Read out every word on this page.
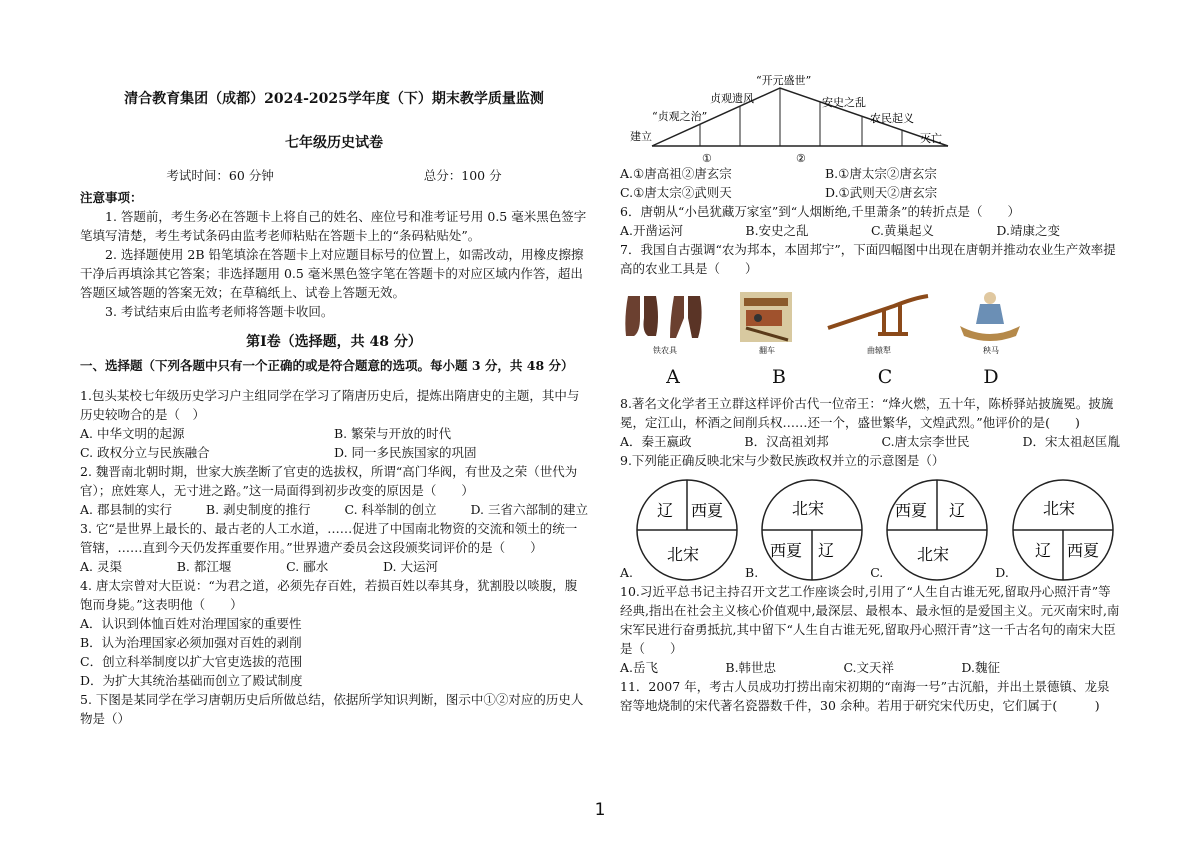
清合教育集团（成都）2024-2025学年度（下）期末教学质量监测
七年级历史试卷
考试时间：60 分钟	总分：100 分
注意事项：
1. 答题前，考生务必在答题卡上将自己的姓名、座位号和准考证号用 0.5 毫米黑色签字笔填写清楚，考生考试条码由监考老师粘贴在答题卡上的“条码粘贴处”。
2. 选择题使用 2B 铅笔填涂在答题卡上对应题目标号的位置上，如需改动，用橡皮擦擦干净后再填涂其它答案；非选择题用 0.5 毫米黑色签字笔在答题卡的对应区域内作答，超出答题区域答题的答案无效；在草稿纸上、试卷上答题无效。
3. 考试结束后由监考老师将答题卡收回。
第Ⅰ卷（选择题，共 48 分）
一、选择题（下列各题中只有一个正确的或是符合题意的选项。每小题 3 分，共 48 分）
1.包头某校七年级历史学习户主组同学在学习了隋唐历史后，提炼出隋唐史的主题，其中与历史较吻合的是（　）
A. 中华文明的起源	B. 繁荣与开放的时代
C. 政权分立与民族融合	D. 同一多民族国家的巩固
2. 魏晋南北朝时期，世家大族垄断了官吏的选拔权，所谓“高门华阀，有世及之荣（世代为官）；庶姓寒人，无寸进之路。”这一局面得到初步改变的原因是（　　）
A. 郡县制的实行	B. 剥史制度的推行	C. 科举制的创立	D. 三省六部制的建立
3. 它“是世界上最长的、最古老的人工水道，……促进了中国南北物资的交流和领土的统一管辖，……直到今天仍发挥重要作用。”世界遗产委员会这段颁奖词评价的是（　　）
A. 灵渠	B. 都江堰	C. 郦水	D. 大运河
4. 唐太宗曾对大臣说：“为君之道，必须先存百姓，若损百姓以奉其身，犹割股以啖腹，腹饱而身毙。”这表明他（　　）
A．认识到体恤百姓对治理国家的重要性
B．认为治理国家必须加强对百姓的剥削
C．创立科举制度以扩大官吏选拔的范围
D．为扩大其统治基础而创立了殿试制度
5. 下图是某同学在学习唐朝历史后所做总结，依据所学知识判断，图示中①②对应的历史人物是（）
“开元盛世”
贞观遗风
“贞观之治”
建立
安史之乱
农民起义
灭亡
①	②
A.①唐高祖②唐玄宗	B.①唐太宗②唐玄宗
C.①唐太宗②武则天	D.①武则天②唐玄宗
6．唐朝从“小邑犹藏万家室”到“人烟断绝,千里萧条”的转折点是（　　）
A.开凿运河	B.安史之乱	C.黄巢起义	D.靖康之变
7．我国自古强调“农为邦本，本固邦宁”，下面四幅图中出现在唐朝并推动农业生产效率提高的农业工具是（　　）
铁农具	翻车	曲辕犁	秧马
A	B	C	D
8.著名文化学者王立群这样评价古代一位帝王：“烽火燃，五十年，陈桥驿站披旒冕。披旒冕，定江山，杯酒之间削兵权……还一个，盛世繁华，文煌武烈。”他评价的是(　　)
A．秦王嬴政	B．汉高祖刘邦	C.唐太宗李世民	D．宋太祖赵匡胤
9.下列能正确反映北宋与少数民族政权并立的示意图是（）
A.
辽 西夏
北宋
B.
北宋
西夏 辽
C.
西夏 辽
北宋
D.
北宋
辽 西夏
10.习近平总书记主持召开文艺工作座谈会时,引用了“人生自古谁无死,留取丹心照汗青”等经典,指出在社会主义核心价值观中,最深层、最根本、最永恒的是爱国主义。元灭南宋时,南宋军民进行奋勇抵抗,其中留下“人生自古谁无死,留取丹心照汗青”这一千古名句的南宋大臣是（　　）
A.岳飞	B.韩世忠	C.文天祥	D.魏征
11．2007 年，考古人员成功打捞出南宋初期的“南海一号”古沉船，并出土景德镇、龙泉窑等地烧制的宋代著名瓷器数千件，30 余种。若用于研究宋代历史，它们属于(　　　)
1
